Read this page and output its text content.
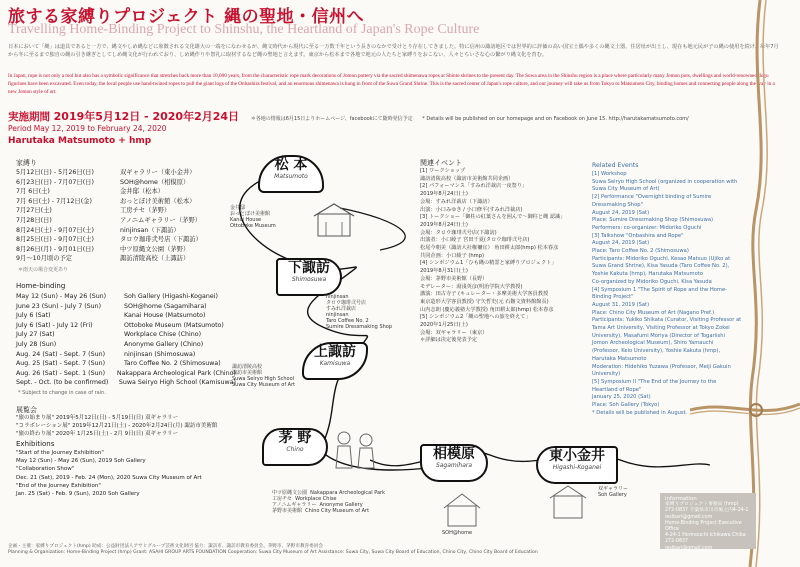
旅する家縛りプロジェクト 縄の聖地・信州へ
Travelling Home-Binding Project to Shinshu, the Heartland of Japan's Rope Culture
日本において「縄」は道具であると一方で、縄文やしめ縄などに象徴される文化雄大の一端をになわせるが、縄文時代から現代に至る一万数千年という長きのなかで受けとり存在してきました。特に信州の諏訪地区では世界的に評価の高い国宝土偶や多くの縄文土器、住居址が出土し、現在も地元民が子の縄の使用を続け、毎年7月から冬に至るまで独自の縄の引き継ぎとしてしめ縄文化が行われており、しめ縄作りや祭礼に取材するなど縄の聖地と言えます。東京から松本まで各地で地元の人たちと家縛りをおこない、人々とちいさな心の繋がり縄文化を育む。
In Japan, rope is not only a tool but also has a symbolic significance that stretches back more than 10,000 years, from the characteristic rope mark decorations of Jomon pottery via the sacred shimenawa ropes at Shinto shrines to the present day. The Suwa area in the Shinshu region is a place where particularly many Jomon pots, dwellings and world-renowned dogu figurines have been excavated. Even today, the local people use hand-twined ropes to pull the giant logs of the Onbashira festival, and an enormous shimenawa is hung in front of the Suwa Grand Shrine. This is the sacred center of Japan's rope culture, and our journey will take us from Tokyo to Matsumoto City, binding homes and connecting people along the way in a new Jomon style of art.
実施期間 2019年5月12日 - 2020年2月24日 ＊各地の情報は6月15日よりホームページ、facebookにて随時発信予定 * Details will be published on our homepage and on Facebook on June 15. http://harutakamatsumoto.com/
Period May 12, 2019 to February 24, 2020
Harutaka Matsumoto + hmp
家縛り
5月12日(日) - 5月26日(日)	双ギャラリー（東小金井）
6月23日(日) - 7月07日(日)	SOH@home（相模原）
7月 6日(土)	金井邸（松本）
7月 6日(土) - 7月12日(金)	おっとぼけ美術館（松本）
7月27日(土)	工房チセ（茅野）
7月28日(日)	アノニムギャラリー（茅野）
8月24日(土) - 9月07日(土)	ninjinsan（下諏訪）
8月25日(日) - 9月07日(土)	タロウ珈琲弐号店（下諏訪）
8月26日(月) - 9月01日(日)	中ツ原縄文公園（茅野）
9月～10月頃の予定	諏訪清陵高校（上諏訪）
＊雨天の場合変更あり
Home-binding
May 12 (Sun) - May 26 (Sun)	Soh Gallery (Higashi-Koganei)
June 23 (Sun) - July 7 (Sun)	SOH@home (Sagamihara)
July 6 (Sat)	Kanai House (Matsumoto)
July 6 (Sat) - July 12 (Fri)	Ottoboke Museum (Matsumoto)
July 27 (Sat)	Workplace Chise (Chino)
July 28 (Sun)	Anonyme Gallery (Chino)
Aug. 24 (Sat) - Sept. 7 (Sun)	ninjinsan (Shimosuwa)
Aug. 25 (Sat) - Sept. 7 (Sun)	Taro Coffee No. 2 (Shimosuwa)
Aug. 26 (Sat) - Sept. 1 (Sun)	Nakappara Archeological Park (Chino)
Sept. - Oct. (to be confirmed)	Suwa Seiryo High School (Kamisuwa)
* Subject to change in case of rain.
展覧会
"旅の始まり展" 2019年5月12日(日) - 5月19日(日) 双ギャラリー
"コラボレーション展" 2019年12月21日(土) - 2020年2月24日(月) 諏訪市美術館
"旅の終わり展" 2020年 1月25日(土) - 2月 9日(日) 双ギャラリー
Exhibitions
"Start of the Journey Exhibition"
May 12 (Sun) - May 26 (Sun), 2019 Soh Gallery
"Collaboration Show"
Dec. 21 (Sat), 2019 - Feb. 24 (Mon), 2020 Suwa City Museum of Art
"End of the Journey Exhibition"
Jan. 25 (Sat) - Feb. 9 (Sun), 2020 Soh Gallery
松 本
Matsumoto
下諏訪
Shimosuwa
上諏訪
Kamisuwa
茅 野
Chino	相模原
Sagamihara
東小金井
Higashi-Koganei
金井邸
おっとぼけ美術館
Kanai House
Ottoboke Museum
ninjinsan
タロウ珈琲弐号店
すみれ洋裁店
ninjinsan
Taro Coffee No. 2
Sumire Dressmaking Shop
諏訪清陵高校
諏訪市美術館
Suwa Seiryo High School
Suwa City Museum of Art
中ツ原縄文公園  Nakappara Archeological Park
工房チセ  Workplace Chise
アノニムギャラリー  Anonyme Gallery
茅野市美術館  Chino City Museum of Art
SOH@home
双ギャラリー
Soh Gallery
関連イベント
[1] ワークショップ
諏訪清陵高校（諏訪市美術館共同企画）
[2] パフォーマンス「すみれ洋裁店一夜祭り」
2019年8月24日(土)
会場：すみれ洋裁店（下諏訪）
出演：小口みゆき / 小口修平(すみれ洋裁店)
[3] トークショー「御柱の紅葉さんを囲んで～御柱と縄 認識」
2019年8月24日(土)
会場：タロウ珈琲弐号店(下諏訪)
出演者：小口綾子 宮田千夏(タロウ珈琲弐号店)
松尾今朝美（諏訪大社権禰宜） 角田耕太郎(hmp) 松本春彦
共同企画：小口綾子 (hmp)
[4] シンポジウム1「ひも縄の精霊と家縛りプロジェクト」
2019年8月31日(土)
会場：茅野市美術館（長野）
モデレーター：湯浅英彦(明治学院大学教授)
講演：田古寺子 (キュレーター・多摩美術大学客員教授
東京造形大学客員教授) 守矢哲史(元 石鏃文資料館館長)
山内志朗 (慶応義塾大学教授) 角田耕太郎(hmp) 松本春彦
[5] シンポジウム2「縄の聖地への旅を終えて」
2020年1月25日(土)
会場：双ギャラリー（東京）
＊詳細は決定後発表予定
Related Events
[1] Workshop
Suwa Seiryo High School (organized in cooperation with Suwa City Museum of Art)
[2] Performance "Overnight binding of Sumire Dressmaking Shop"
August 24, 2019 (Sat)
Place: Sumire Dressmaking Shop (Shimosuwa)
Performers: co-organizer: Midoriko Oguchi
[3] Talkshow "Onbashira and Rope"
August 24, 2019 (Sat)
Place: Taro Coffee No. 2 (Shimosuwa)
Participants: Midoriko Oguchi, Kesao Matsuo (Ujiko at Suwa Grand Shrine), Kisa Yasuda (Taro Coffee No. 2), Yoshie Kakuta (hmp), Harutaka Matsumoto
Co-organized by Midoriko Oguchi, Kisa Yasuda
[4] Symposium 1 "The Spirit of Rope and the Home-Binding Project"
August 31, 2019 (Sat)
Place: Chino City Museum of Art (Nagano Pref.)
Participants: Yukiko Shikata (Curator, Visiting Professor at Tama Art University, Visiting Professor at Tokyo Zokei University), Masafumi Moriya (Director of Togariishi Jomon Archeological Museum), Shiro Yamauchi (Professor, Keio University), Yoshie Kakuta (hmp), Harutaka Matsumoto
Moderation: Hidehiko Yuzawa (Professor, Meiji Gakuin University)
[5] Symposium II "The End of the Journey to the Heartland of Rope"
January 25, 2020 (Sat)
Place: Soh Gallery (Tokyo)
* Details will be published in August.
information
家縛りプロジェクト事務局 (hmp)
272-0837 千葉県市川市堀之内4-24-1
iesibari@gmail.com
Home-Binding Project Executive Office
4-24-1 Horinouchi Ichikawa Chiba 272-0837
iesibari@gmail.com
企画・主催：家縛りプロジェクト(hmp) 助成：公益財団法人アサヒグループ芸術文化財団 協力：諏訪市、諏訪市教育委員会、茅野市、茅野市教育委員会
Planning & Organization: Home-Binding Project (hmp) Grant: ASAHI GROUP ARTS FOUNDATION Cooperation: Suwa City Museum of Art Assistance: Suwa City, Suwa City Board of Education, Chino City, Chino City Board of Education
